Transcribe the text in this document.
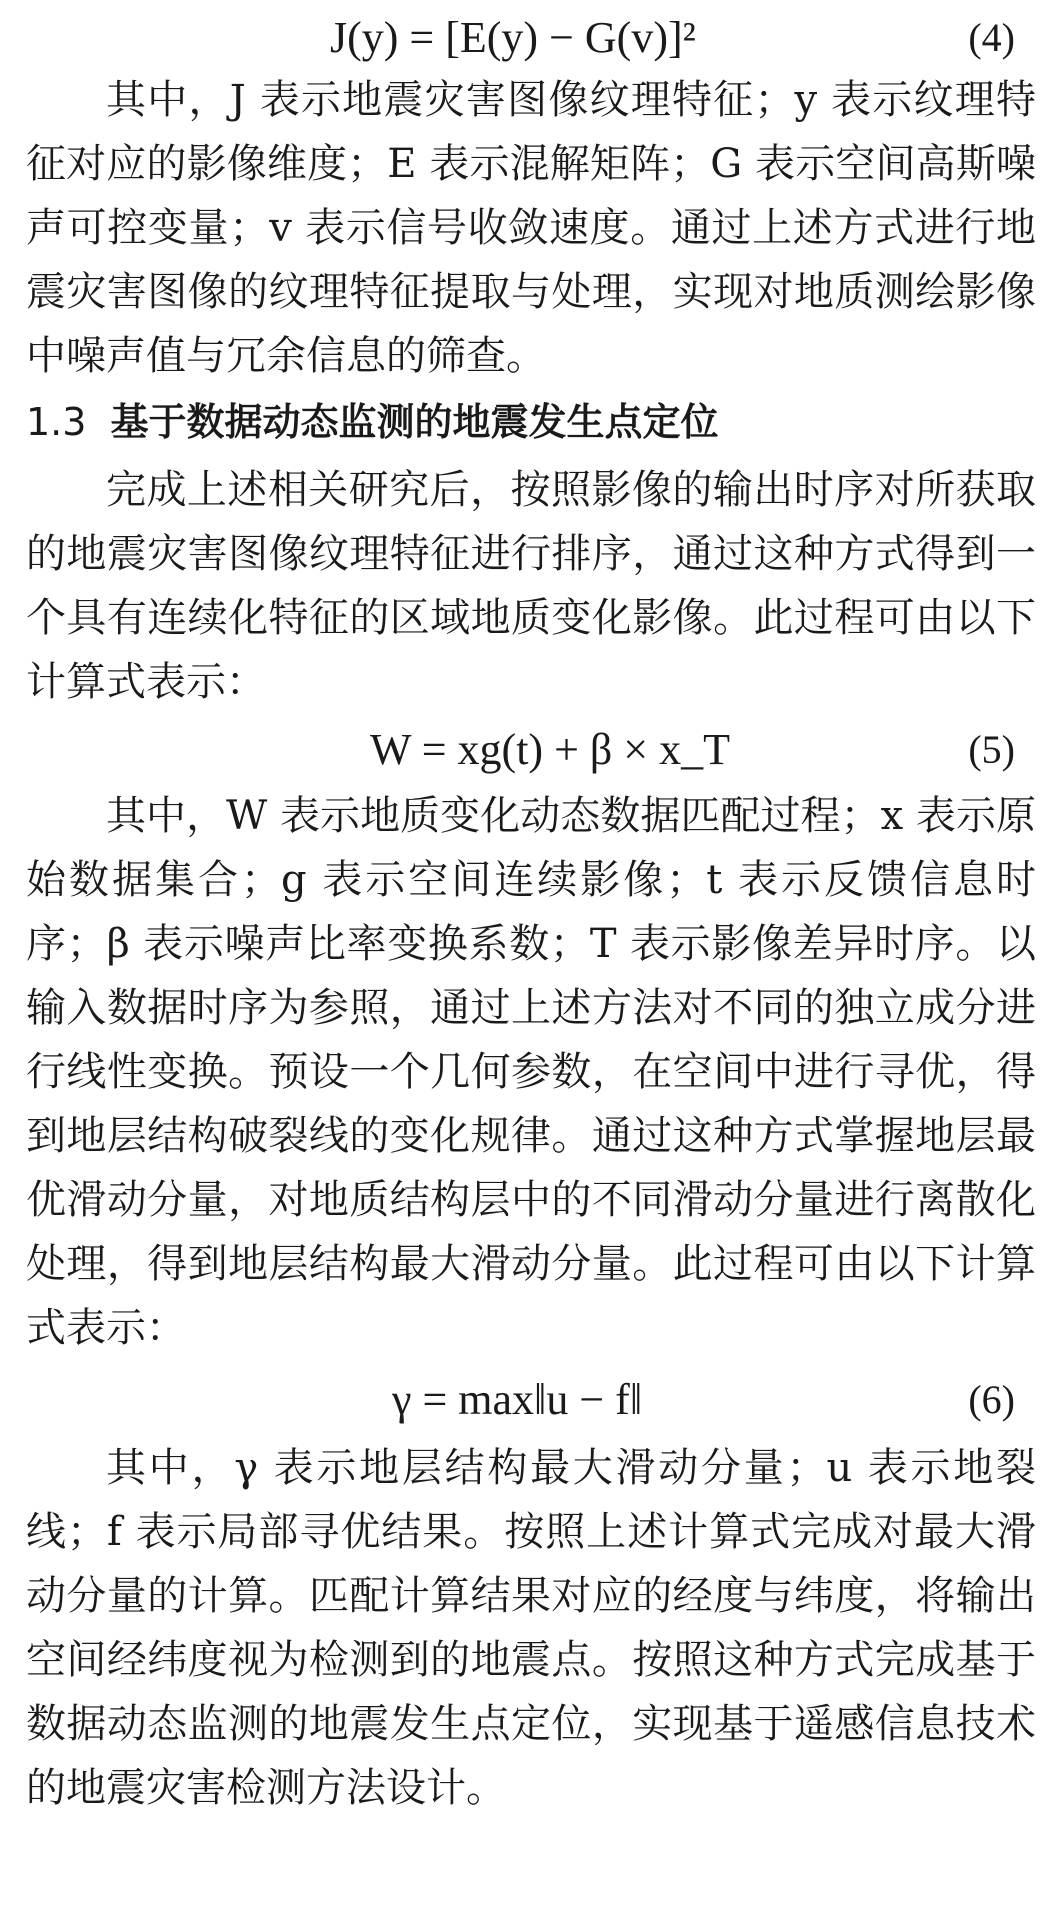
J(y) = [E(y) − G(v)]²	(4)
其中，J 表示地震灾害图像纹理特征；y 表示纹理特征对应的影像维度；E 表示混解矩阵；G 表示空间高斯噪声可控变量；v 表示信号收敛速度。通过上述方式进行地震灾害图像的纹理特征提取与处理，实现对地质测绘影像中噪声值与冗余信息的筛查。
1.3 基于数据动态监测的地震发生点定位
完成上述相关研究后，按照影像的输出时序对所获取的地震灾害图像纹理特征进行排序，通过这种方式得到一个具有连续化特征的区域地质变化影像。此过程可由以下计算式表示：
W = xg(t) + β × x_T	(5)
其中，W 表示地质变化动态数据匹配过程；x 表示原始数据集合；g 表示空间连续影像；t 表示反馈信息时序；β 表示噪声比率变换系数；T 表示影像差异时序。以输入数据时序为参照，通过上述方法对不同的独立成分进行线性变换。预设一个几何参数，在空间中进行寻优，得到地层结构破裂线的变化规律。通过这种方式掌握地层最优滑动分量，对地质结构层中的不同滑动分量进行离散化处理，得到地层结构最大滑动分量。此过程可由以下计算式表示：
γ = max‖u − f‖	(6)
其中，γ 表示地层结构最大滑动分量；u 表示地裂线；f 表示局部寻优结果。按照上述计算式完成对最大滑动分量的计算。匹配计算结果对应的经度与纬度，将输出空间经纬度视为检测到的地震点。按照这种方式完成基于数据动态监测的地震发生点定位，实现基于遥感信息技术的地震灾害检测方法设计。
